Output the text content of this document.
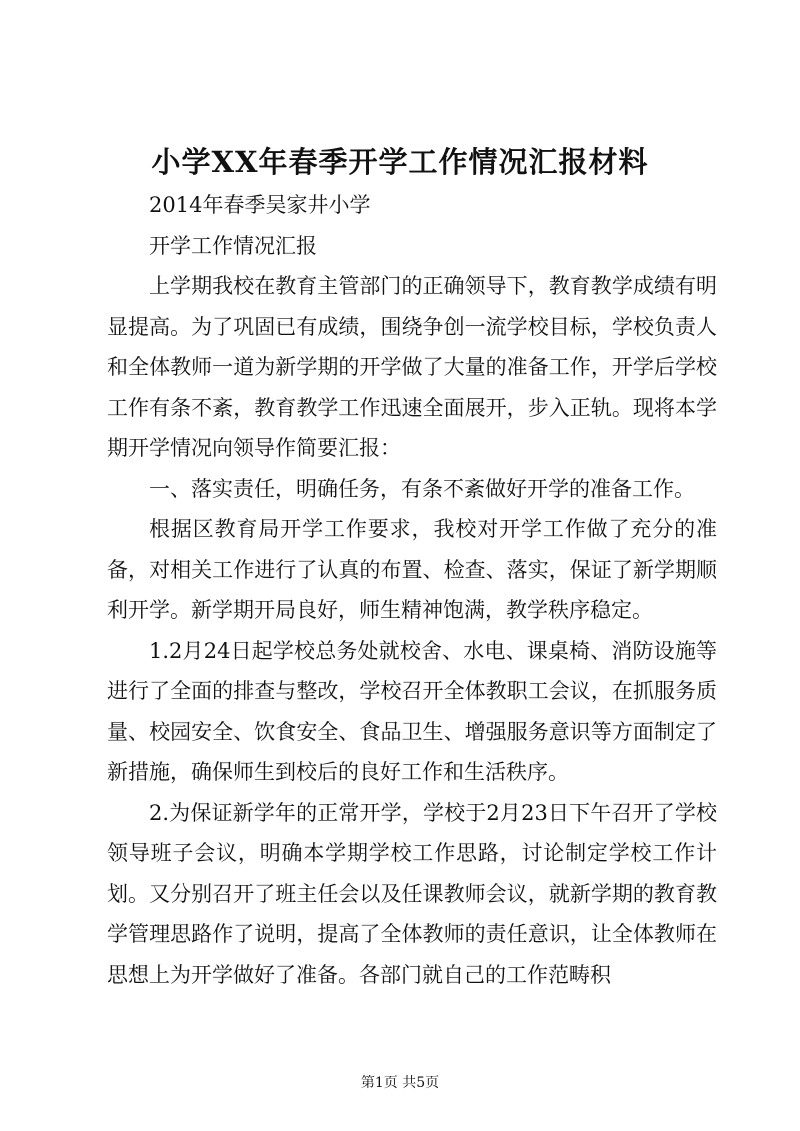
小学XX年春季开学工作情况汇报材料

2014年春季吴家井小学

开学工作情况汇报

上学期我校在教育主管部门的正确领导下，教育教学成绩有明显提高。为了巩固已有成绩，围绕争创一流学校目标，学校负责人和全体教师一道为新学期的开学做了大量的准备工作，开学后学校工作有条不紊，教育教学工作迅速全面展开，步入正轨。现将本学期开学情况向领导作简要汇报：

一、落实责任，明确任务，有条不紊做好开学的准备工作。

根据区教育局开学工作要求，我校对开学工作做了充分的准备，对相关工作进行了认真的布置、检查、落实，保证了新学期顺利开学。新学期开局良好，师生精神饱满，教学秩序稳定。

1.2月24日起学校总务处就校舍、水电、课桌椅、消防设施等进行了全面的排查与整改，学校召开全体教职工会议，在抓服务质量、校园安全、饮食安全、食品卫生、增强服务意识等方面制定了新措施，确保师生到校后的良好工作和生活秩序。

2.为保证新学年的正常开学，学校于2月23日下午召开了学校领导班子会议，明确本学期学校工作思路，讨论制定学校工作计划。又分别召开了班主任会以及任课教师会议，就新学期的教育教学管理思路作了说明，提高了全体教师的责任意识，让全体教师在思想上为开学做好了准备。各部门就自己的工作范畴积

第1页 共5页
